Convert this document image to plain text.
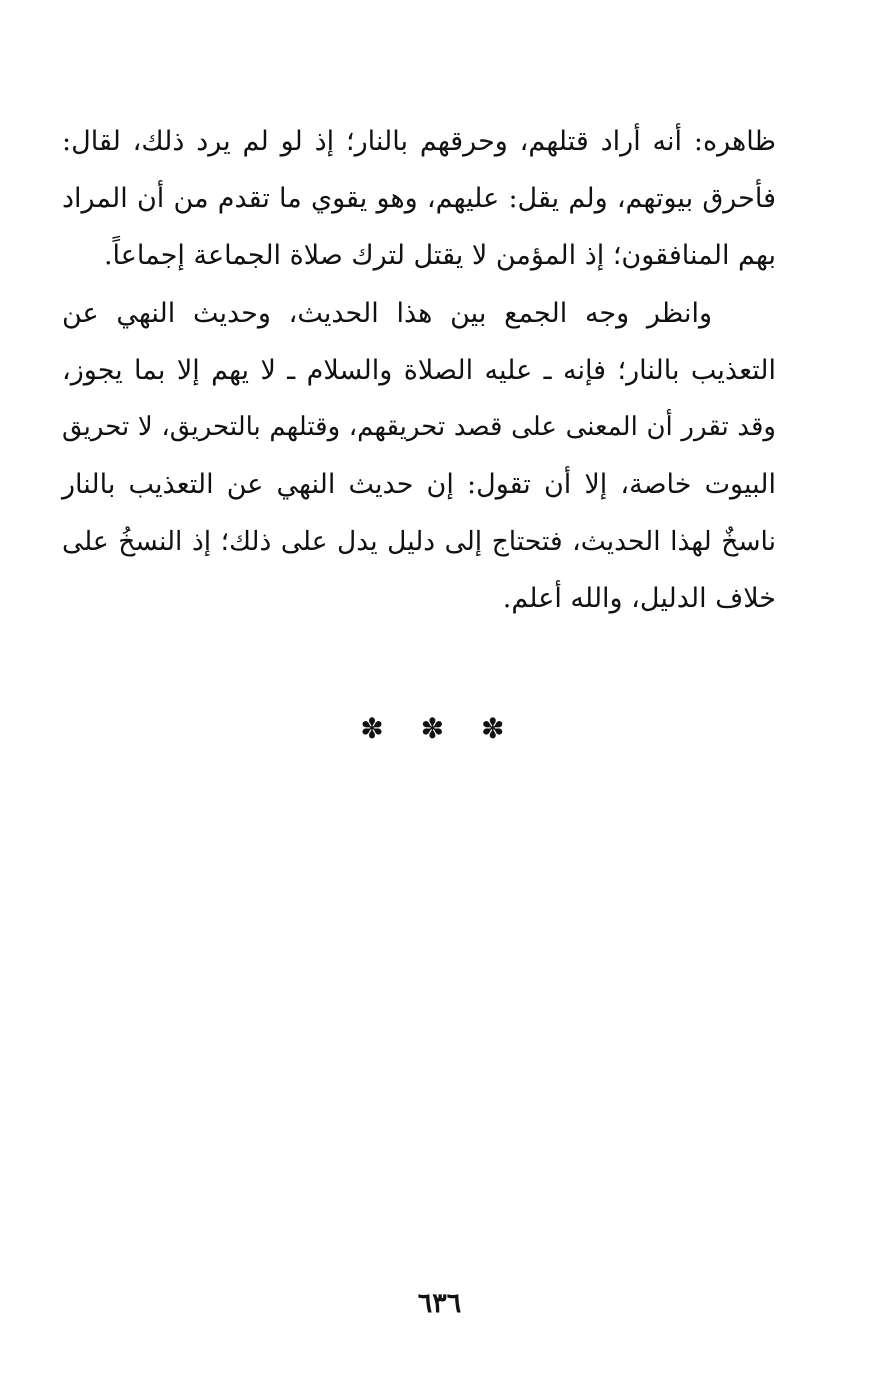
ظاهره: أنه أراد قتلهم، وحرقهم بالنار؛ إذ لو لم يرد ذلك، لقال:
فأحرق بيوتهم، ولم يقل: عليهم، وهو يقوي ما تقدم من أن المراد
بهم المنافقون؛ إذ المؤمن لا يقتل لترك صلاة الجماعة إجماعاً.
وانظر وجه الجمع بين هذا الحديث، وحديث النهي عن
التعذيب بالنار؛ فإنه ـ عليه الصلاة والسلام ـ لا يهم إلا بما يجوز،
وقد تقرر أن المعنى على قصد تحريقهم، وقتلهم بالتحريق، لا تحريق
البيوت خاصة، إلا أن تقول: إن حديث النهي عن التعذيب بالنار
ناسخٌ لهذا الحديث، فتحتاج إلى دليل يدل على ذلك؛ إذ النسخُ على
خلاف الدليل، والله أعلم.
✽ ✽ ✽
٦٣٦
